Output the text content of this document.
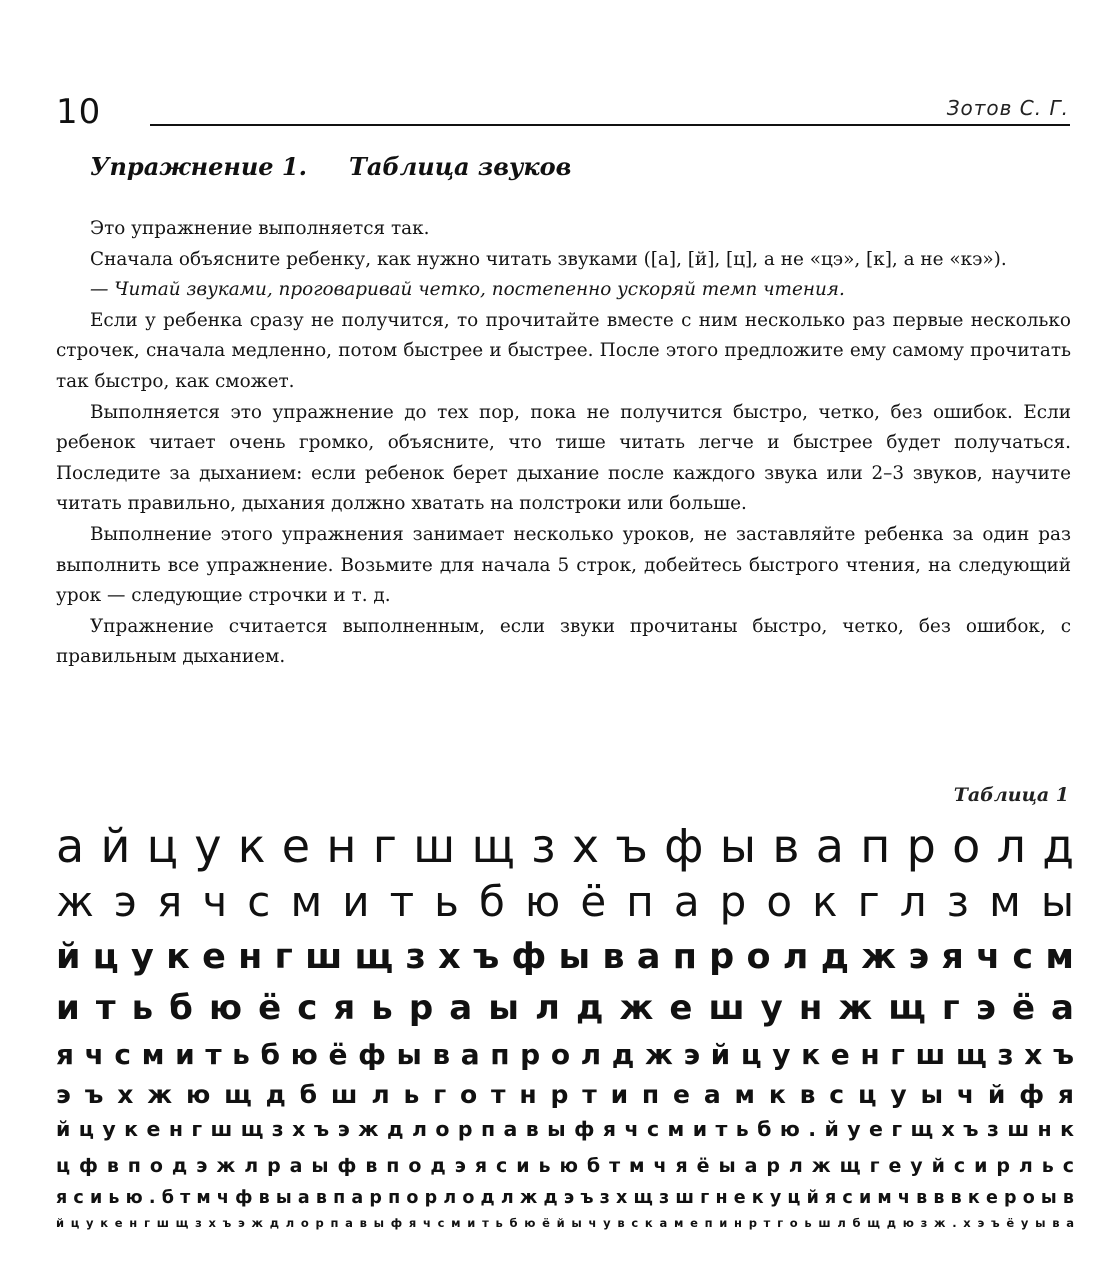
10	Зотов С. Г.
Упражнение 1. Таблица звуков

Это упражнение выполняется так.

Сначала объясните ребенку, как нужно читать звуками ([а], [й], [ц], а не «цэ», [к], а не «кэ»).

— Читай звуками, проговаривай четко, постепенно ускоряй темп чтения.

Если у ребенка сразу не получится, то прочитайте вместе с ним несколько раз первые несколько строчек, сначала медленно, потом быстрее и быстрее. После этого предложите ему самому прочитать так быстро, как сможет.

Выполняется это упражнение до тех пор, пока не получится быстро, четко, без ошибок. Если ребенок читает очень громко, объясните, что тише читать легче и быстрее будет получаться. Последите за дыханием: если ребенок берет дыхание после каждого звука или 2–3 звуков, научите читать правильно, дыхания должно хватать на полстроки или больше.

Выполнение этого упражнения занимает несколько уроков, не заставляйте ребенка за один раз выполнить все упражнение. Возьмите для начала 5 строк, добейтесь быстрого чтения, на следующий урок — следующие строчки и т. д.

Упражнение считается выполненным, если звуки прочитаны быстро, четко, без ошибок, с правильным дыханием.

Таблица 1

а й ц у к е н г ш щ з х ъ ф ы в а п р о л д

ж э я ч с м и т ь б ю ё п а р о к г л з м ы

й ц у к е н г ш щ з х ъ ф ы в а п р о л д ж э я ч с м

и т ь б ю ё с я ь р а ы л д ж е ш у н ж щ г э ё а

я ч с м и т ь б ю ё ф ы в а п р о л д ж э й ц у к е н г ш щ з х ъ

э ъ х ж ю щ д б ш л ь г о т н р т и п е а м к в с ц у ы ч й ф я

й ц у к е н г ш щ з х ъ э ж д л о р п а в ы ф я ч с м и т ь б ю . й у е г щ х ъ з ш н к

ц ф в п о д э ж л р а ы ф в п о д э я с и ь ю б т м ч я ё ы а р л ж щ г е у й с и р л ь с

я с и ь ю . б т м ч ф в ы а в п а р п о р л о д л ж д э ъ з х щ з ш г н е к у ц й я с и м ч в в в к е р о ы в

й ц у к е н г ш щ з х ъ э ж д л о р п а в ы ф я ч с м и т ь б ю ё й ы ч у в с к а м е п и н р т г о ь ш л б щ д ю з ж . х э ъ ё у ы в а
